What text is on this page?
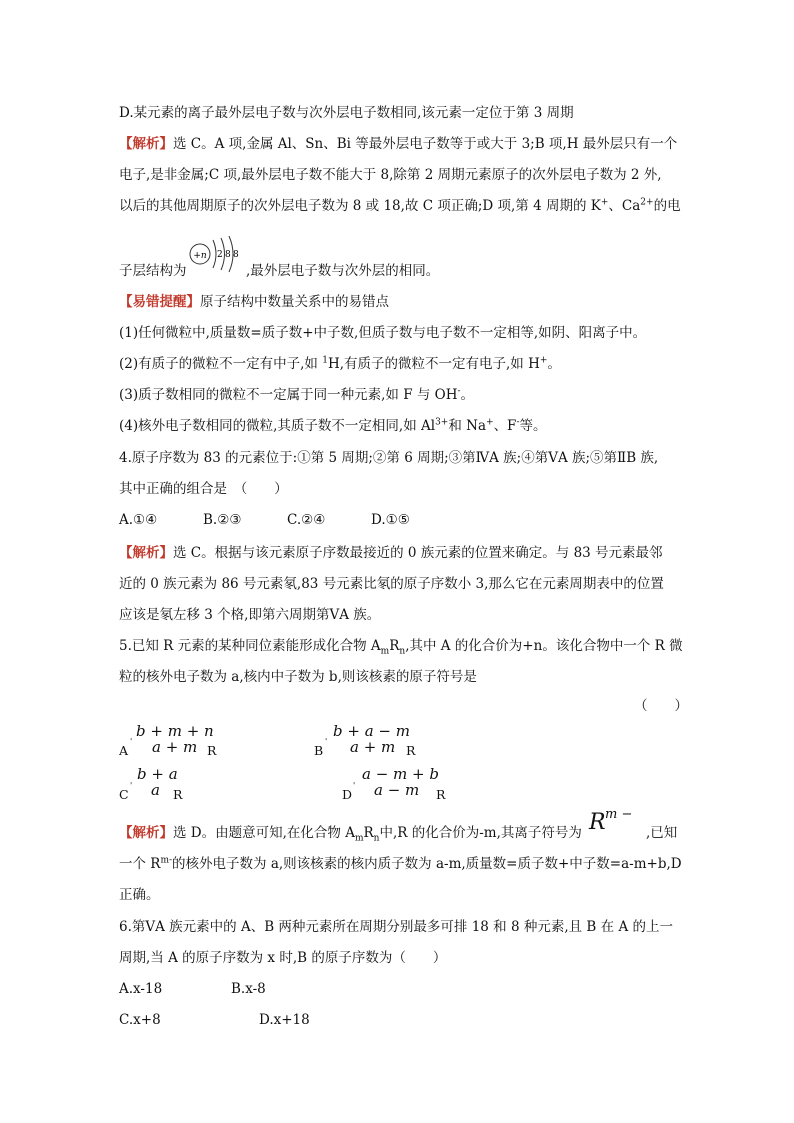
D.某元素的离子最外层电子数与次外层电子数相同,该元素一定位于第 3 周期
【解析】选 C。A 项,金属 Al、Sn、Bi 等最外层电子数等于或大于 3;B 项,H 最外层只有一个
电子,是非金属;C 项,最外层电子数不能大于 8,除第 2 周期元素原子的次外层电子数为 2 外,
以后的其他周期原子的次外层电子数为 8 或 18,故 C 项正确;D 项,第 4 周期的 K+、$Ca^{2+}$的电
+n 2 8 8
子层结构为	,最外层电子数与次外层的相同。
【易错提醒】原子结构中数量关系中的易错点
(1)任何微粒中,质量数=质子数+中子数,但质子数与电子数不一定相等,如阴、阳离子中。
(2)有质子的微粒不一定有中子,如 $^1$H,有质子的微粒不一定有电子,如 H+。
(3)质子数相同的微粒不一定属于同一种元素,如 F 与 OH-。
(4)核外电子数相同的微粒,其质子数不一定相同,如 $Al^{3+}$和 Na+、F-等。
4.原子序数为 83 的元素位于:①第 5 周期;②第 6 周期;③第ⅣA 族;④第ⅤA 族;⑤第ⅡB 族,
其中正确的组合是　（　　）
A.①④	B.②③	C.②④	D.①⑤
【解析】选 C。根据与该元素原子序数最接近的 0 族元素的位置来确定。与 83 号元素最邻
近的 0 族元素为 86 号元素氡,83 号元素比氡的原子序数小 3,那么它在元素周期表中的位置
应该是氡左移 3 个格,即第六周期第ⅤA 族。
5.已知 R 元素的某种同位素能形成化合物 $A_mR_n$,其中 A 的化合价为+n。该化合物中一个 R 微
粒的核外电子数为 a,核内中子数为 b,则该核素的原子符号是
（　　）
b + m + n
A
' a + m R
b + a − m
B
' a + m R
b + a
C
' a R
a − m + b
D
' a − m R
【解析】选 D。由题意可知,在化合物 $A_mR_n$中,R 的化合价为-m,其离子符号为 R m −
,已知
一个 $R^{m-}$的核外电子数为 a,则该核素的核内质子数为 a-m,质量数=质子数+中子数=a-m+b,D
正确。
6.第ⅤA 族元素中的 A、B 两种元素所在周期分别最多可排 18 和 8 种元素,且 B 在 A 的上一
周期,当 A 的原子序数为 x 时,B 的原子序数为（　　）
A.x-18	B.x-8
C.x+8	D.x+18
